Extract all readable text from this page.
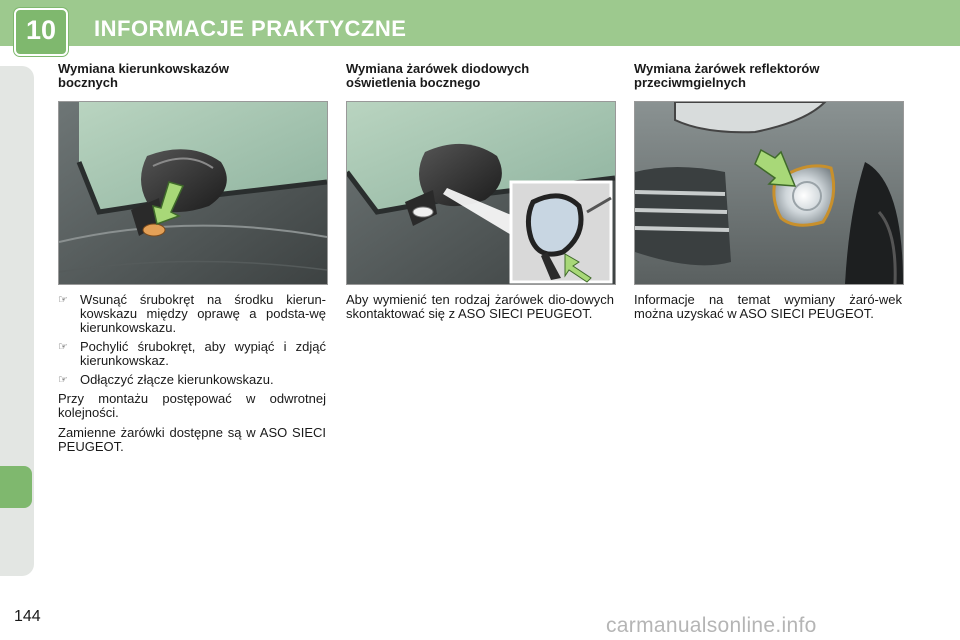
10	INFORMACJE PRAKTYCZNE
Wymiana kierunkowskazów bocznych
Wymiana żarówek diodowych oświetlenia bocznego
Wymiana żarówek reflektorów przeciwmgielnych
☞ Wsunąć śrubokręt na środku kierun-kowskazu między oprawę a podsta-wę kierunkowskazu.
☞ Pochylić śrubokręt, aby wypiąć i zdjąć kierunkowskaz.
☞ Odłączyć złącze kierunkowskazu.
Przy montażu postępować w odwrotnej kolejności.
Zamienne żarówki dostępne są w ASO SIECI PEUGEOT.
Aby wymienić ten rodzaj żarówek dio-dowych skontaktować się z ASO SIECI PEUGEOT.
Informacje na temat wymiany żaró-wek można uzyskać w ASO SIECI PEUGEOT.
144	carmanualsonline.info
